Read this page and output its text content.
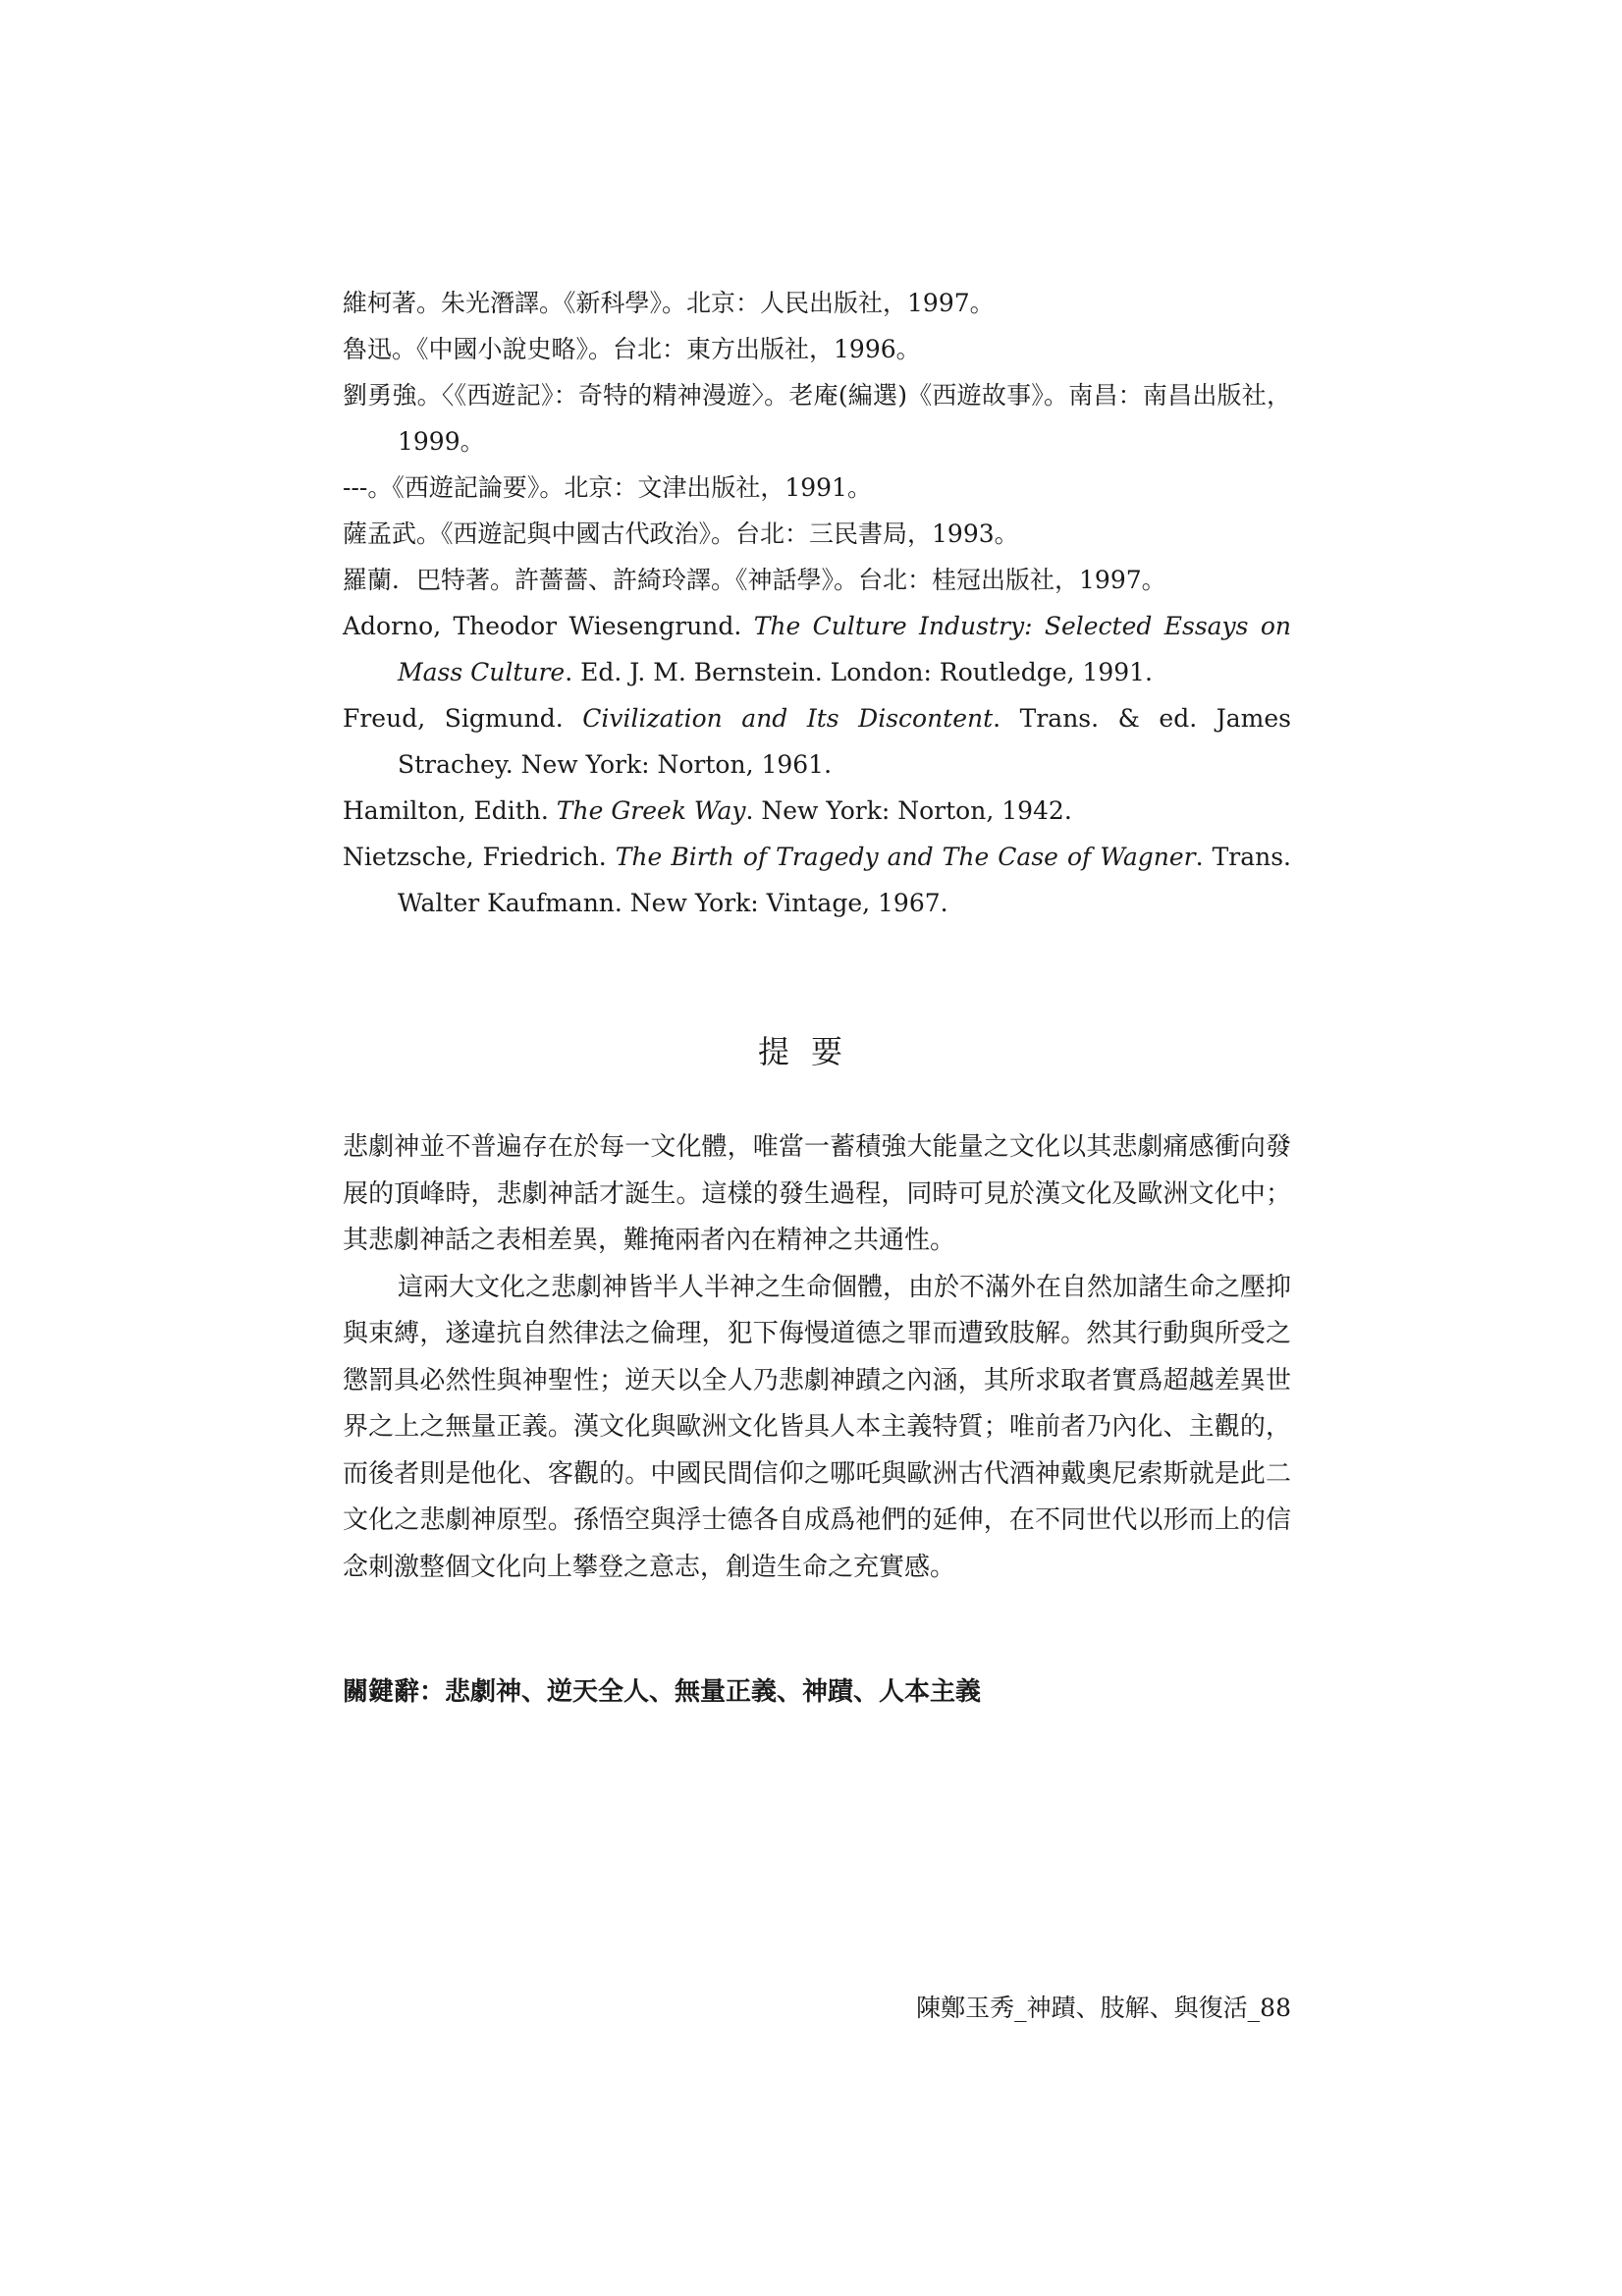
維柯著。朱光潛譯。《新科學》。北京：人民出版社，1997。

魯迅。《中國小說史略》。台北：東方出版社，1996。

劉勇強。〈《西遊記》：奇特的精神漫遊〉。老庵(編選)《西遊故事》。南昌：南昌出版社，1999。

---。《西遊記論要》。北京：文津出版社，1991。

薩孟武。《西遊記與中國古代政治》。台北：三民書局，1993。

羅蘭．巴特著。許薔薔、許綺玲譯。《神話學》。台北：桂冠出版社，1997。

Adorno, Theodor Wiesengrund. The Culture Industry: Selected Essays on Mass Culture. Ed. J. M. Bernstein. London: Routledge, 1991.

Freud, Sigmund. Civilization and Its Discontent. Trans. & ed. James Strachey. New York: Norton, 1961.

Hamilton, Edith. The Greek Way. New York: Norton, 1942.

Nietzsche, Friedrich. The Birth of Tragedy and The Case of Wagner. Trans. Walter Kaufmann. New York: Vintage, 1967.

提要

悲劇神並不普遍存在於每一文化體，唯當一蓄積強大能量之文化以其悲劇痛感衝向發展的頂峰時，悲劇神話才誕生。這樣的發生過程，同時可見於漢文化及歐洲文化中；其悲劇神話之表相差異，難掩兩者內在精神之共通性。

這兩大文化之悲劇神皆半人半神之生命個體，由於不滿外在自然加諸生命之壓抑與束縛，遂違抗自然律法之倫理，犯下侮慢道德之罪而遭致肢解。然其行動與所受之懲罰具必然性與神聖性；逆天以全人乃悲劇神蹟之內涵，其所求取者實爲超越差異世界之上之無量正義。漢文化與歐洲文化皆具人本主義特質；唯前者乃內化、主觀的，而後者則是他化、客觀的。中國民間信仰之哪吒與歐洲古代酒神戴奧尼索斯就是此二文化之悲劇神原型。孫悟空與浮士德各自成爲祂們的延伸，在不同世代以形而上的信念刺激整個文化向上攀登之意志，創造生命之充實感。

關鍵辭：悲劇神、逆天全人、無量正義、神蹟、人本主義

陳鄭玉秀_神蹟、肢解、與復活_88
